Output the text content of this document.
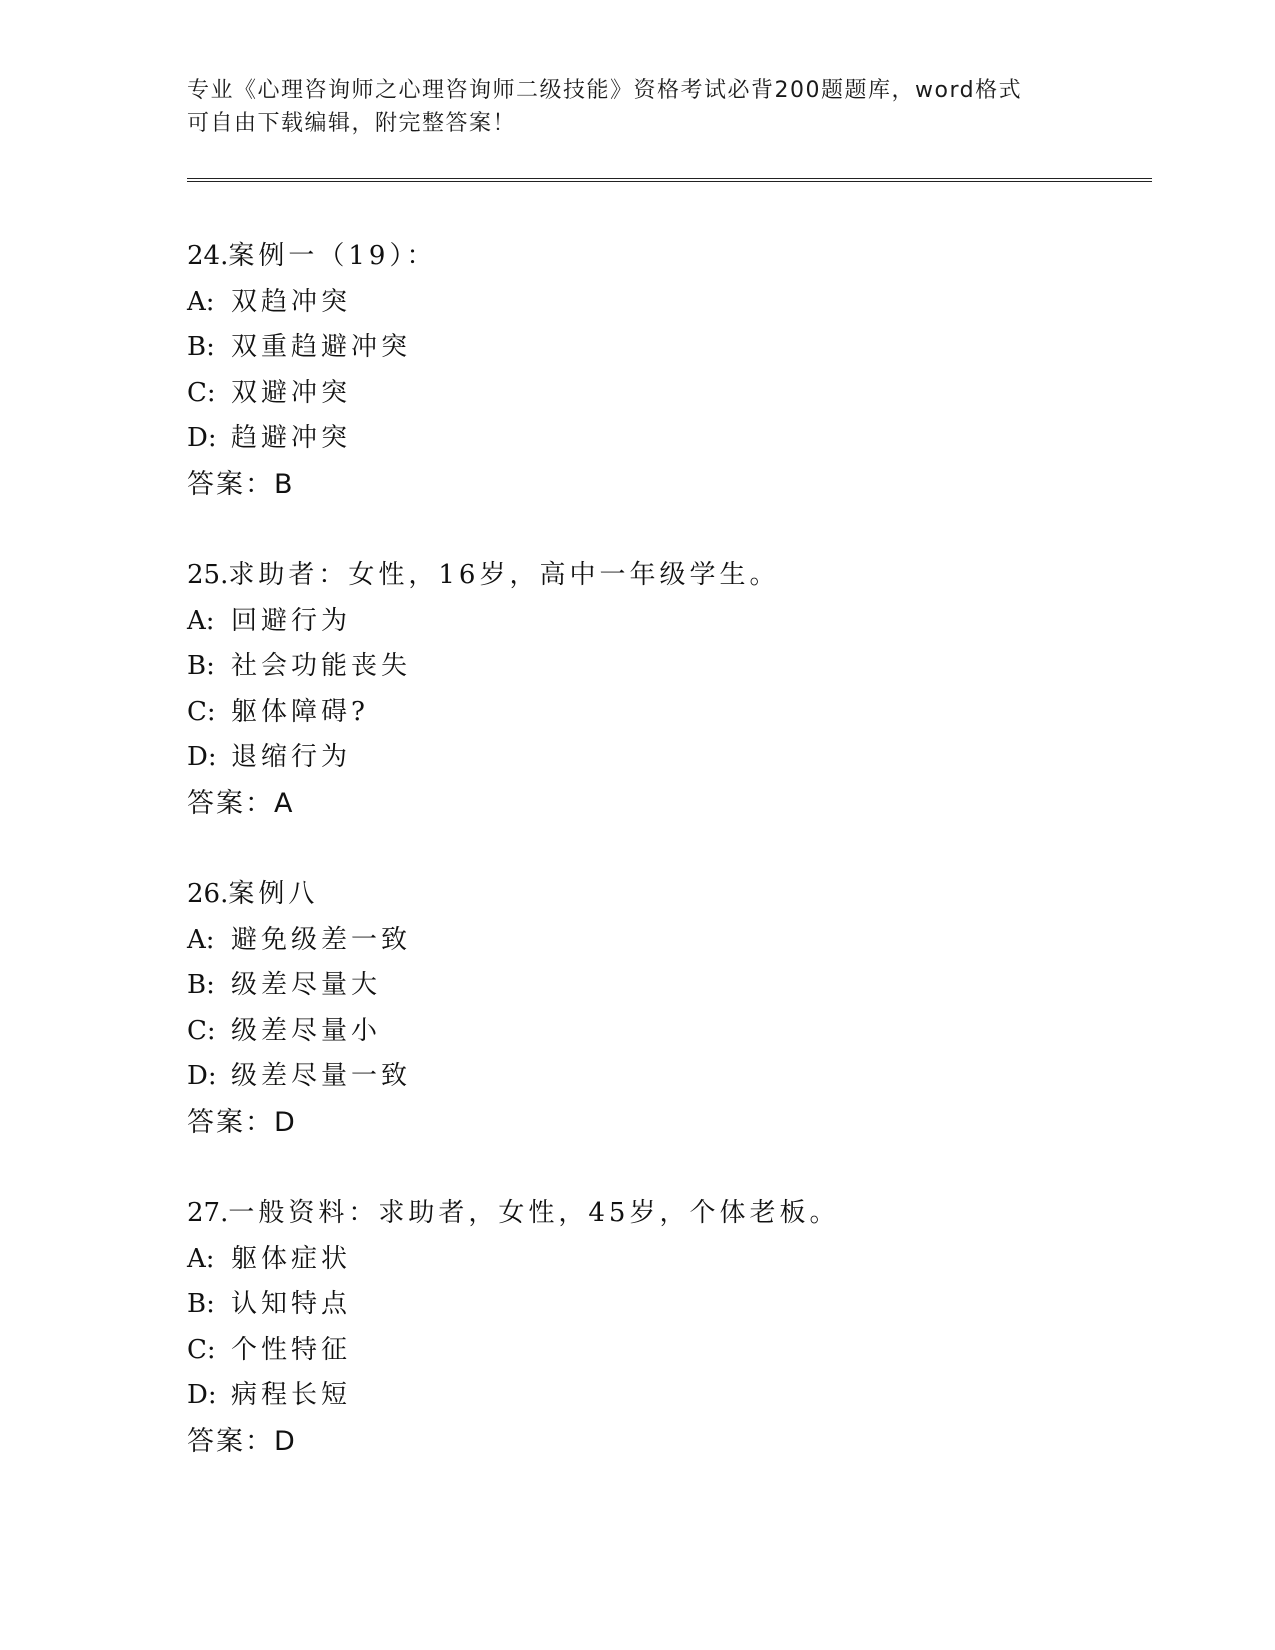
专业《心理咨询师之心理咨询师二级技能》资格考试必背200题题库，word格式
可自由下载编辑，附完整答案！
24.案例一（19）：
A: 双趋冲突
B: 双重趋避冲突
C: 双避冲突
D: 趋避冲突
答案：B
25.求助者：女性，16岁，高中一年级学生。
A: 回避行为
B: 社会功能丧失
C: 躯体障碍?
D: 退缩行为
答案：A
26.案例八
A: 避免级差一致
B: 级差尽量大
C: 级差尽量小
D: 级差尽量一致
答案：D
27.一般资料：求助者，女性，45岁，个体老板。
A: 躯体症状
B: 认知特点
C: 个性特征
D: 病程长短
答案：D
